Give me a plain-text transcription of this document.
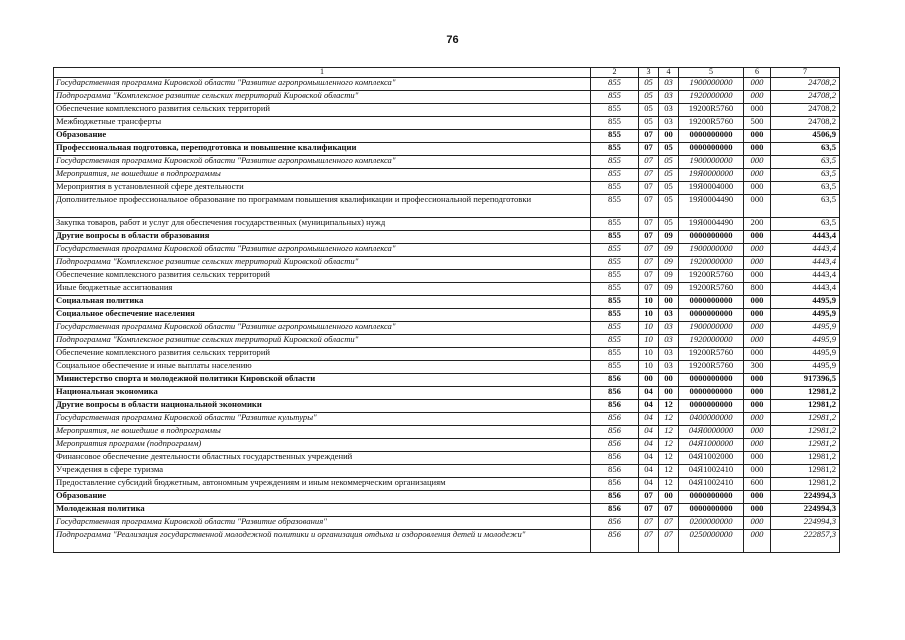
76
1	2	3	4	5	6	7
Государственная программа Кировской области "Развитие агропромышленного комплекса"	855	05	03	1900000000	000	24708,2
Подпрограмма "Комплексное развитие сельских территорий Кировской области"	855	05	03	1920000000	000	24708,2
Обеспечение комплексного развития сельских территорий	855	05	03	19200R5760	000	24708,2
Межбюджетные трансферты	855	05	03	19200R5760	500	24708,2
Образование	855	07	00	0000000000	000	4506,9
Профессиональная подготовка, переподготовка и повышение квалификации	855	07	05	0000000000	000	63,5
Государственная программа Кировской области "Развитие агропромышленного комплекса"	855	07	05	1900000000	000	63,5
Мероприятия, не вошедшие в подпрограммы	855	07	05	19Я0000000	000	63,5
Мероприятия в установленной сфере деятельности	855	07	05	19Я0004000	000	63,5
Дополнительное профессиональное образование по программам повышения квалификации и профессиональной переподготовки	855	07	05	19Я0004490	000	63,5
Закупка товаров, работ и услуг для обеспечения государственных (муниципальных) нужд	855	07	05	19Я0004490	200	63,5
Другие вопросы в области образования	855	07	09	0000000000	000	4443,4
Государственная программа Кировской области "Развитие агропромышленного комплекса"	855	07	09	1900000000	000	4443,4
Подпрограмма "Комплексное развитие сельских территорий Кировской области"	855	07	09	1920000000	000	4443,4
Обеспечение комплексного развития сельских территорий	855	07	09	19200R5760	000	4443,4
Иные бюджетные ассигнования	855	07	09	19200R5760	800	4443,4
Социальная политика	855	10	00	0000000000	000	4495,9
Социальное обеспечение населения	855	10	03	0000000000	000	4495,9
Государственная программа Кировской области "Развитие агропромышленного комплекса"	855	10	03	1900000000	000	4495,9
Подпрограмма "Комплексное развитие сельских территорий Кировской области"	855	10	03	1920000000	000	4495,9
Обеспечение комплексного развития сельских территорий	855	10	03	19200R5760	000	4495,9
Социальное обеспечение и иные выплаты населению	855	10	03	19200R5760	300	4495,9
Министерство спорта и молодежной политики Кировской области	856	00	00	0000000000	000	917396,5
Национальная экономика	856	04	00	0000000000	000	12981,2
Другие вопросы в области национальной экономики	856	04	12	0000000000	000	12981,2
Государственная программа Кировской области "Развитие культуры"	856	04	12	0400000000	000	12981,2
Мероприятия, не вошедшие в подпрограммы	856	04	12	04Я0000000	000	12981,2
Мероприятия программ (подпрограмм)	856	04	12	04Я1000000	000	12981,2
Финансовое обеспечение деятельности областных государственных учреждений	856	04	12	04Я1002000	000	12981,2
Учреждения в сфере туризма	856	04	12	04Я1002410	000	12981,2
Предоставление субсидий бюджетным, автономным учреждениям и иным некоммерческим организациям	856	04	12	04Я1002410	600	12981,2
Образование	856	07	00	0000000000	000	224994,3
Молодежная политика	856	07	07	0000000000	000	224994,3
Государственная программа Кировской области "Развитие образования"	856	07	07	0200000000	000	224994,3
Подпрограмма "Реализация государственной молодежной политики и организация отдыха и оздоровления детей и молодежи"	856	07	07	0250000000	000	222857,3
